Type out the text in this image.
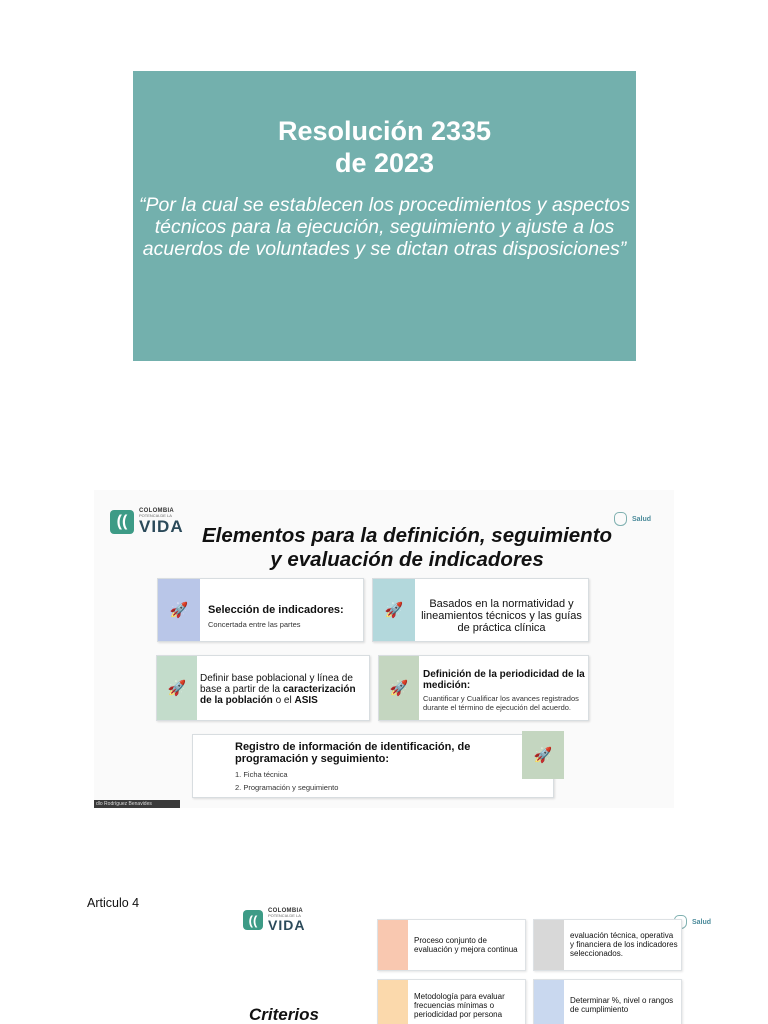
Resolución 2335
de 2023
“Por la cual se establecen los procedimientos y aspectos técnicos para la ejecución, seguimiento y ajuste a los acuerdos de voluntades y se dictan otras disposiciones”
((
COLOMBIA
POTENCIA DE LA
VIDA	Salud
Elementos para la definición, seguimiento
y evaluación de indicadores
🚀	Selección de indicadores:
Concertada entre las partes
🚀	Basados en la normatividad y lineamientos técnicos y las guías de práctica clínica
🚀
Definir base poblacional y línea de base a partir de la caracterización de la población o el ASIS
🚀
Definición de la periodicidad de la medición:
Cuantificar y Cualificar los avances registrados durante el término de ejecución del acuerdo.
Registro de información de identificación, de programación y seguimiento:
1. Ficha técnica
2. Programación y seguimiento
🚀
dlo Rodríguez Benavides
Articulo 4
((
COLOMBIA
POTENCIA DE LA
VIDA	Salud
Criterios
Proceso conjunto de evaluación y mejora continua
evaluación técnica, operativa y financiera de los indicadores seleccionados.
Metodología para evaluar frecuencias mínimas o periodicidad por persona
Determinar %, nivel o rangos de cumplimiento
